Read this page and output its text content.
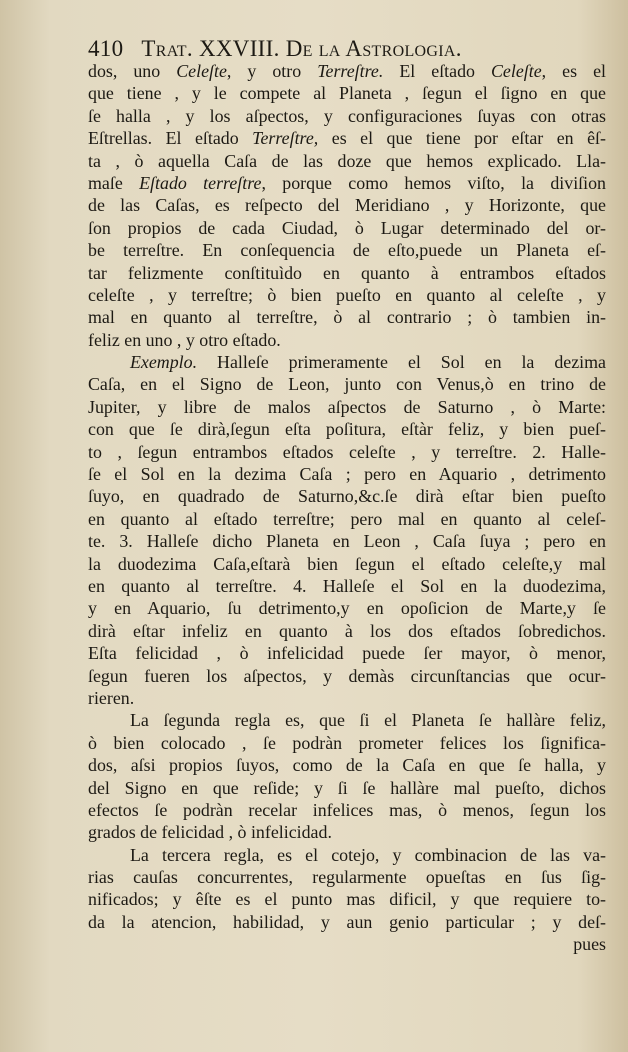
410 Trat. XXVIII. De la Astrologia.
dos, uno Celeſte, y otro Terreſtre. El eſtado Celeſte, es el
que tiene , y le compete al Planeta , ſegun el ſigno en que
ſe halla , y los aſpectos, y configuraciones ſuyas con otras
Eſtrellas. El eſtado Terreſtre, es el que tiene por eſtar en êſ-
ta , ò aquella Caſa de las doze que hemos explicado. Lla-
maſe Eſtado terreſtre, porque como hemos viſto, la diviſion
de las Caſas, es reſpecto del Meridiano , y Horizonte, que
ſon propios de cada Ciudad, ò Lugar determinado del or-
be terreſtre. En conſequencia de eſto,puede un Planeta eſ-
tar felizmente conſtituìdo en quanto à entrambos eſtados
celeſte , y terreſtre; ò bien pueſto en quanto al celeſte , y
mal en quanto al terreſtre, ò al contrario ; ò tambien in-
feliz en uno , y otro eſtado.
Exemplo. Halleſe primeramente el Sol en la dezima
Caſa, en el Signo de Leon, junto con Venus,ò en trino de
Jupiter, y libre de malos aſpectos de Saturno , ò Marte:
con que ſe dirà,ſegun eſta poſitura, eſtàr feliz, y bien pueſ-
to , ſegun entrambos eſtados celeſte , y terreſtre. 2. Halle-
ſe el Sol en la dezima Caſa ; pero en Aquario , detrimento
ſuyo, en quadrado de Saturno,&c.ſe dirà eſtar bien pueſto
en quanto al eſtado terreſtre; pero mal en quanto al celeſ-
te. 3. Halleſe dicho Planeta en Leon , Caſa ſuya ; pero en
la duodezima Caſa,eſtarà bien ſegun el eſtado celeſte,y mal
en quanto al terreſtre. 4. Halleſe el Sol en la duodezima,
y en Aquario, ſu detrimento,y en opoſicion de Marte,y ſe
dirà eſtar infeliz en quanto à los dos eſtados ſobredichos.
Eſta felicidad , ò infelicidad puede ſer mayor, ò menor,
ſegun fueren los aſpectos, y demàs circunſtancias que ocur-
rieren.
La ſegunda regla es, que ſi el Planeta ſe hallàre feliz,
ò bien colocado , ſe podràn prometer felices los ſignifica-
dos, aſsi propios ſuyos, como de la Caſa en que ſe halla, y
del Signo en que reſide; y ſi ſe hallàre mal pueſto, dichos
efectos ſe podràn recelar infelices mas, ò menos, ſegun los
grados de felicidad , ò infelicidad.
La tercera regla, es el cotejo, y combinacion de las va-
rias cauſas concurrentes, regularmente opueſtas en ſus ſig-
nificados; y êſte es el punto mas dificil, y que requiere to-
da la atencion, habilidad, y aun genio particular ; y deſ-
pues
